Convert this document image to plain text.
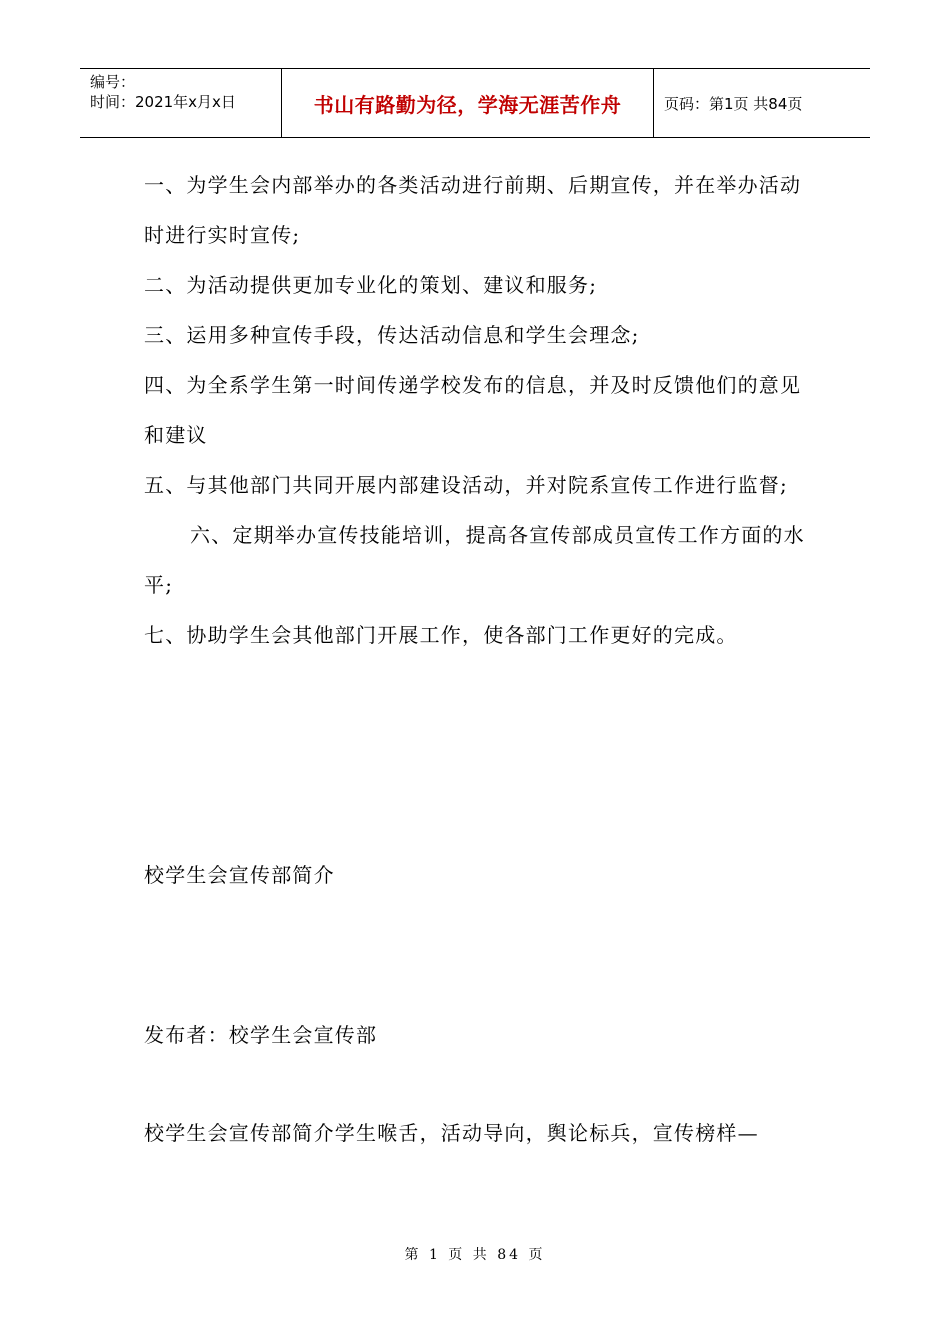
编号：
时间：2021年x月x日	书山有路勤为径，学海无涯苦作舟	页码：第1页 共84页
一、为学生会内部举办的各类活动进行前期、后期宣传，并在举办活动时进行实时宣传;
二、为活动提供更加专业化的策划、建议和服务;
三、运用多种宣传手段，传达活动信息和学生会理念;
四、为全系学生第一时间传递学校发布的信息，并及时反馈他们的意见和建议
五、与其他部门共同开展内部建设活动，并对院系宣传工作进行监督;
六、定期举办宣传技能培训，提高各宣传部成员宣传工作方面的水平;
七、协助学生会其他部门开展工作，使各部门工作更好的完成。
校学生会宣传部简介
发布者：校学生会宣传部
校学生会宣传部简介学生喉舌，活动导向，舆论标兵，宣传榜样—
第 1 页 共 84 页
